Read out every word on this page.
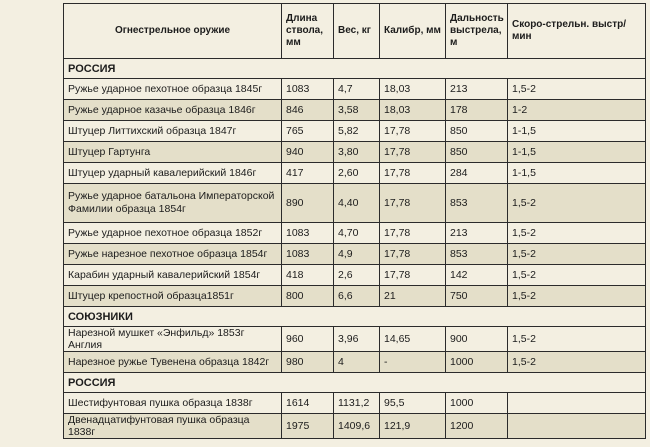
Огнестрельное оружие	Длина ствола, мм	Вес, кг	Калибр, мм	Дальность выстрела, м	Скоро-стрельн. выстр/мин
РОССИЯ					
Ружье ударное пехотное образца 1845г	1083	4,7	18,03	213	1,5-2
Ружье ударное казачье образца 1846г	846	3,58	18,03	178	1-2
Штуцер Литтихский образца 1847г	765	5,82	17,78	850	1-1,5
Штуцер Гартунга	940	3,80	17,78	850	1-1,5
Штуцер ударный кавалерийский 1846г	417	2,60	17,78	284	1-1,5
Ружье ударное батальона Императорской Фамилии образца 1854г	890	4,40	17,78	853	1,5-2
Ружье ударное пехотное образца 1852г	1083	4,70	17,78	213	1,5-2
Ружье нарезное пехотное образца 1854г	1083	4,9	17,78	853	1,5-2
Карабин ударный кавалерийский 1854г	418	2,6	17,78	142	1,5-2
Штуцер крепостной образца1851г	800	6,6	21	750	1,5-2
СОЮЗНИКИ					
Нарезной мушкет «Энфильд» 1853г Англия	960	3,96	14,65	900	1,5-2
Нарезное ружье Тувенена образца 1842г	980	4	-	1000	1,5-2
РОССИЯ					
Шестифунтовая пушка образца 1838г	1614	1131,2	95,5	1000	
Двенадцатифунтовая пушка образца 1838г	1975	1409,6	121,9	1200	
